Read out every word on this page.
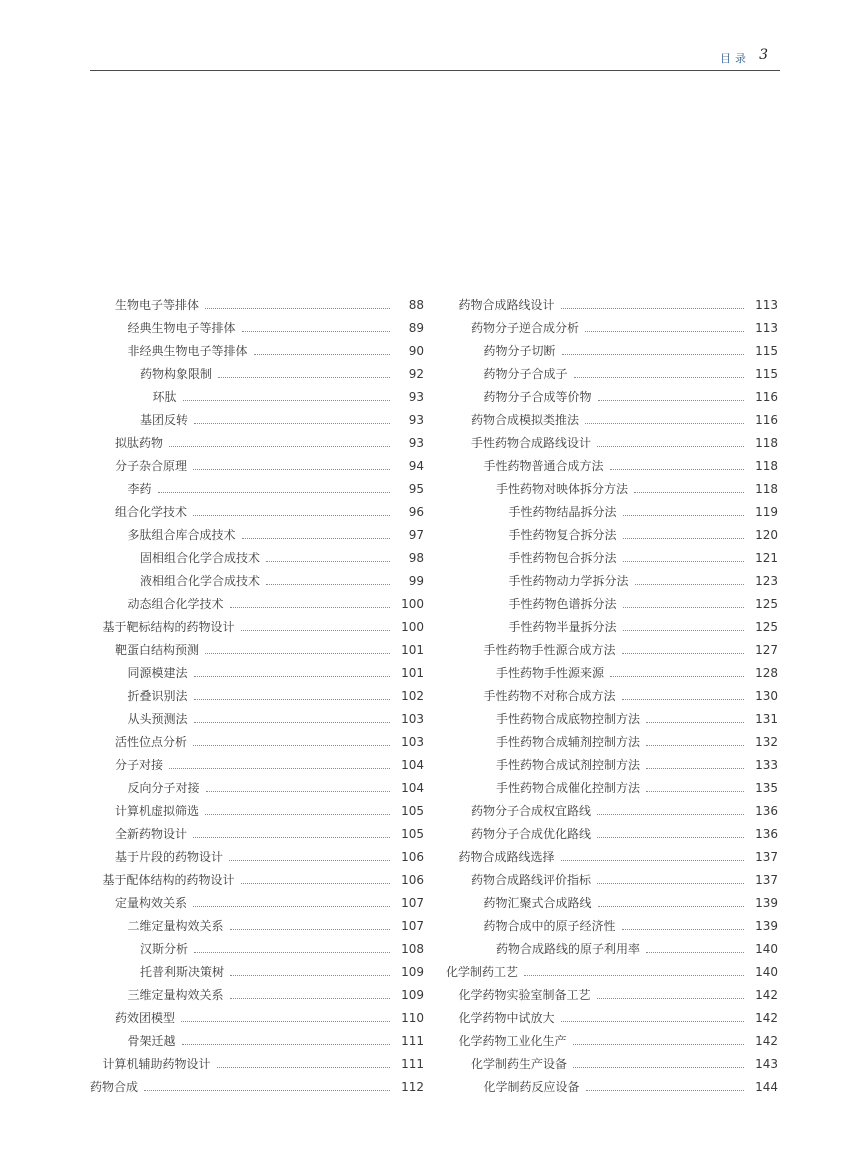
目录 3
生物电子等排体	88
经典生物电子等排体	89
非经典生物电子等排体	90
药物构象限制	92
环肽	93
基团反转	93
拟肽药物	93
分子杂合原理	94
李药	95
组合化学技术	96
多肽组合库合成技术	97
固相组合化学合成技术	98
液相组合化学合成技术	99
动态组合化学技术	100
基于靶标结构的药物设计	100
靶蛋白结构预测	101
同源模建法	101
折叠识别法	102
从头预测法	103
活性位点分析	103
分子对接	104
反向分子对接	104
计算机虚拟筛选	105
全新药物设计	105
基于片段的药物设计	106
基于配体结构的药物设计	106
定量构效关系	107
二维定量构效关系	107
汉斯分析	108
托普利斯决策树	109
三维定量构效关系	109
药效团模型	110
骨架迁越	111
计算机辅助药物设计	111
药物合成	112
药物合成路线设计	113
药物分子逆合成分析	113
药物分子切断	115
药物分子合成子	115
药物分子合成等价物	116
药物合成模拟类推法	116
手性药物合成路线设计	118
手性药物普通合成方法	118
手性药物对映体拆分方法	118
手性药物结晶拆分法	119
手性药物复合拆分法	120
手性药物包合拆分法	121
手性药物动力学拆分法	123
手性药物色谱拆分法	125
手性药物半量拆分法	125
手性药物手性源合成方法	127
手性药物手性源来源	128
手性药物不对称合成方法	130
手性药物合成底物控制方法	131
手性药物合成辅剂控制方法	132
手性药物合成试剂控制方法	133
手性药物合成催化控制方法	135
药物分子合成权宜路线	136
药物分子合成优化路线	136
药物合成路线选择	137
药物合成路线评价指标	137
药物汇聚式合成路线	139
药物合成中的原子经济性	139
药物合成路线的原子利用率	140
化学制药工艺	140
化学药物实验室制备工艺	142
化学药物中试放大	142
化学药物工业化生产	142
化学制药生产设备	143
化学制药反应设备	144
